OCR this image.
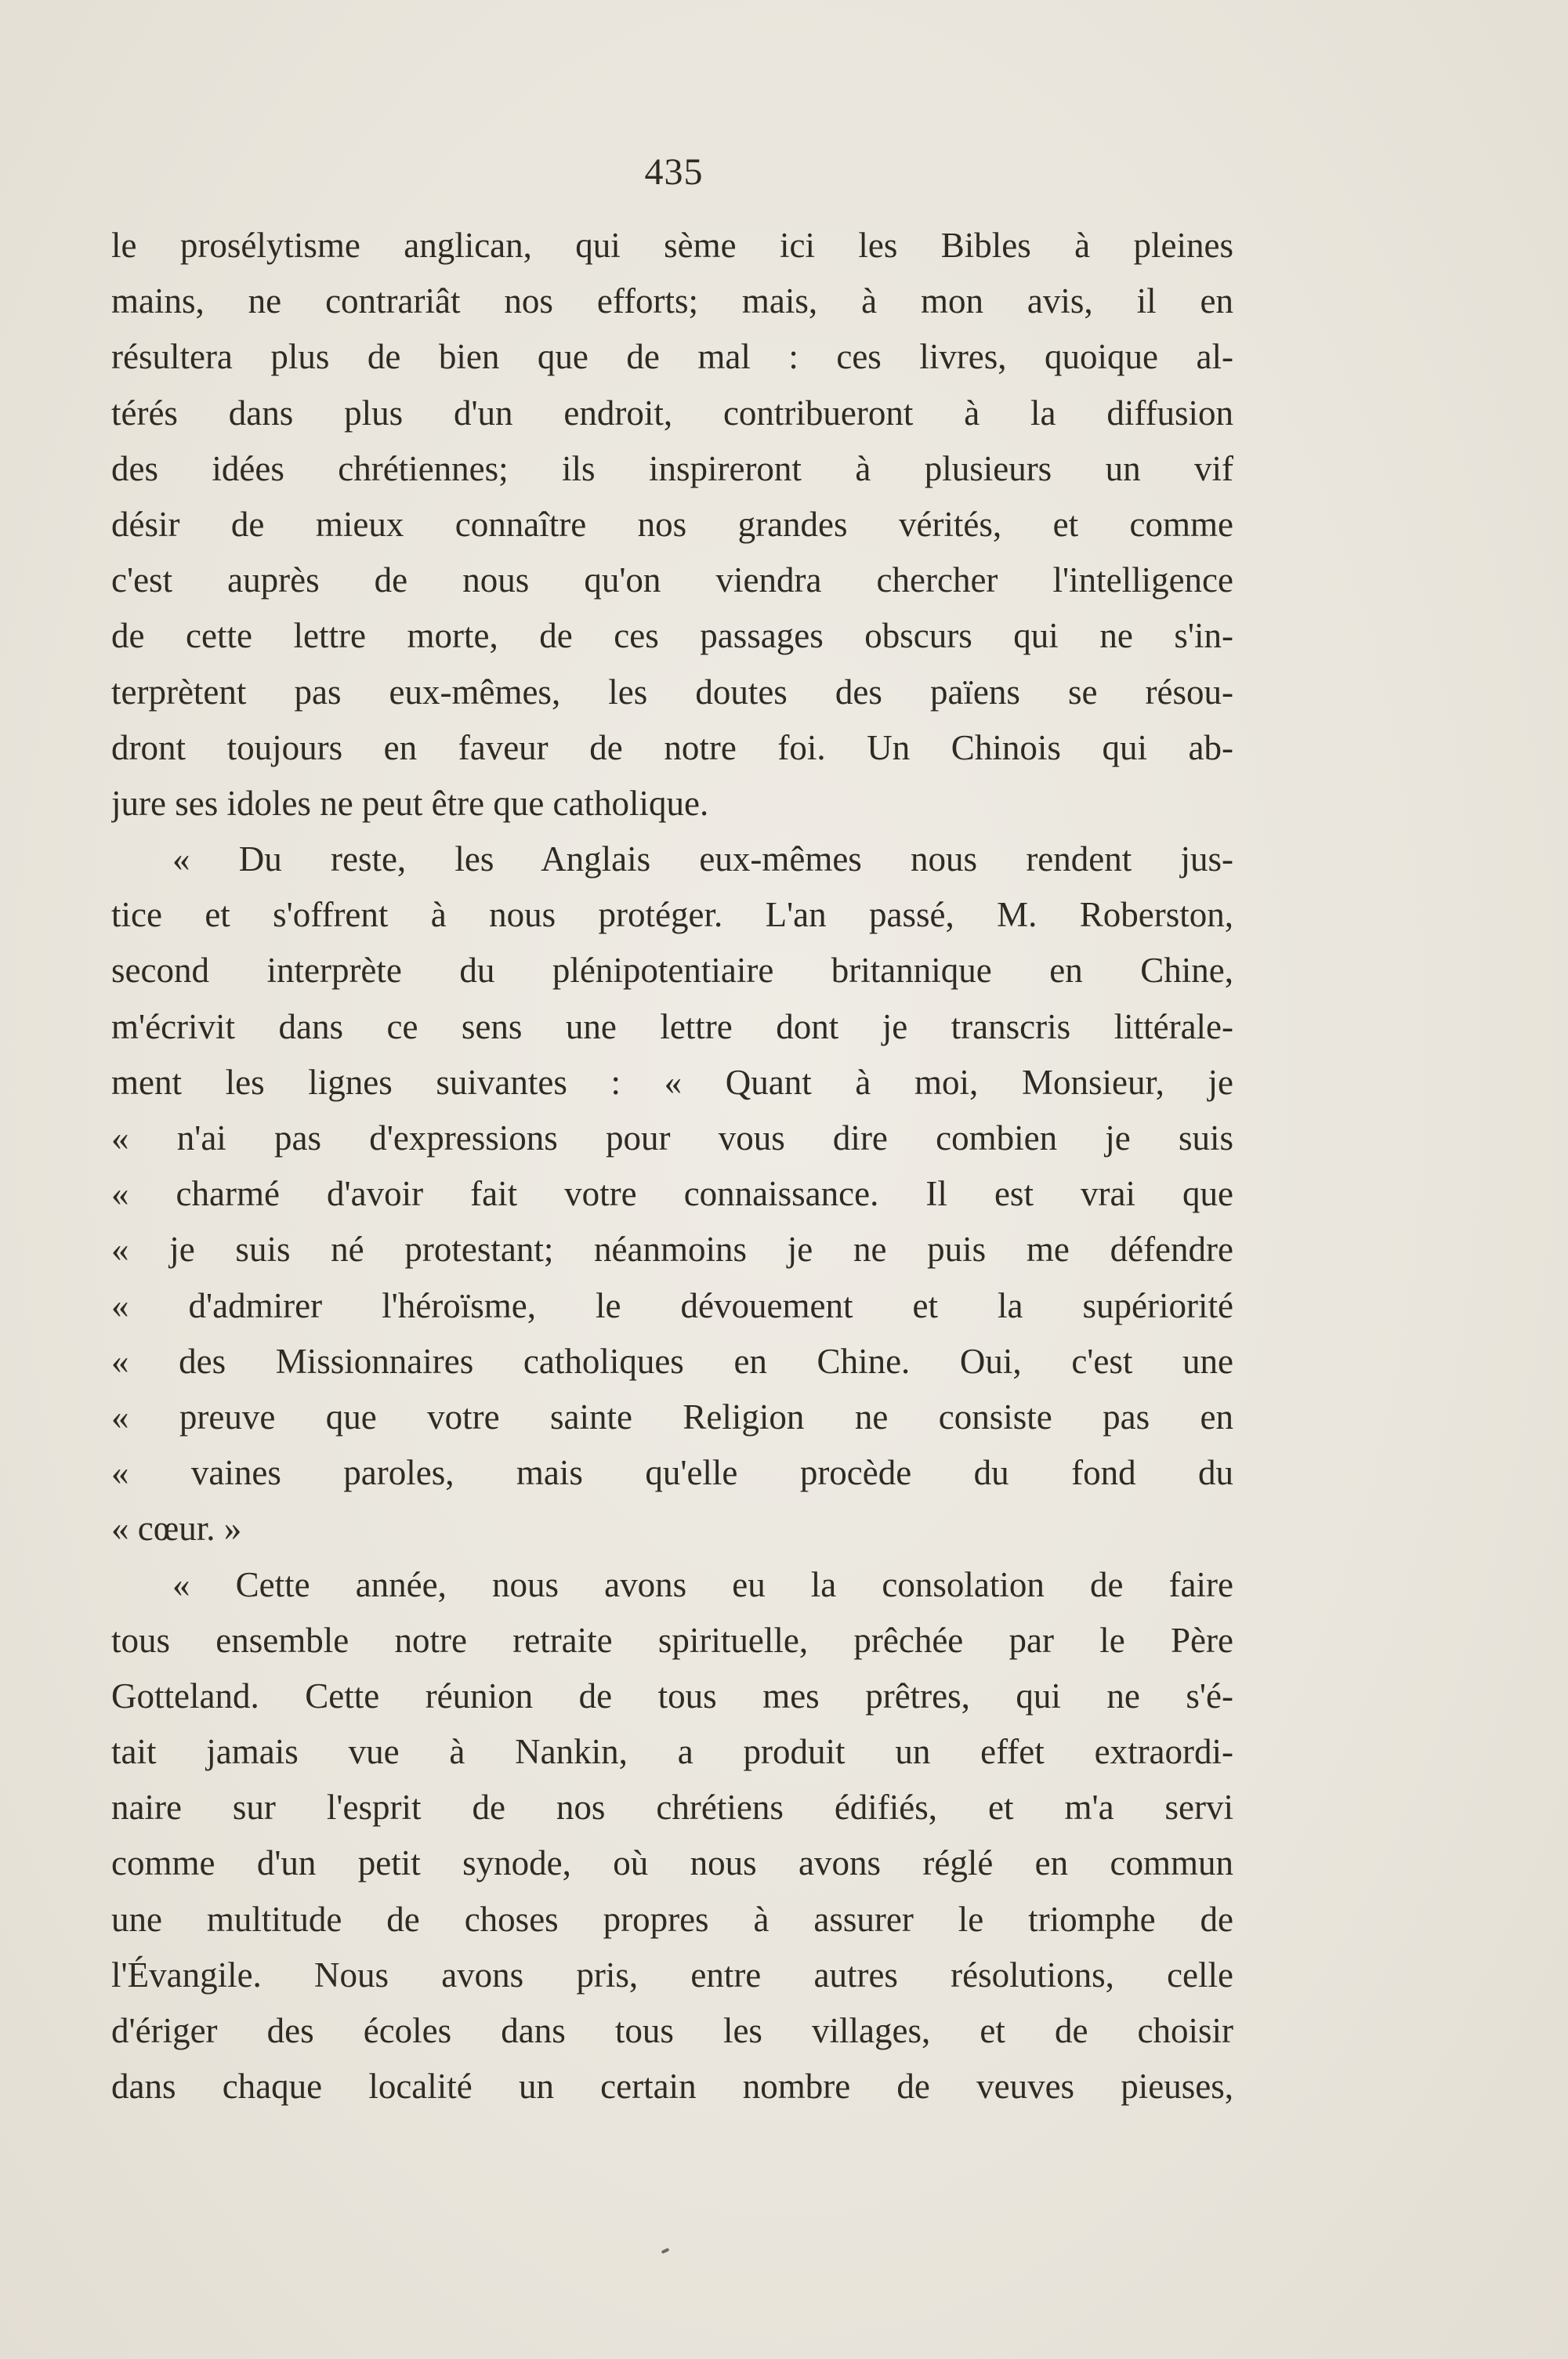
435
le prosélytisme anglican, qui sème ici les Bibles à pleines
mains, ne contrariât nos efforts; mais, à mon avis, il en
résultera plus de bien que de mal : ces livres, quoique al-
térés dans plus d'un endroit, contribueront à la diffusion
des idées chrétiennes; ils inspireront à plusieurs un vif
désir de mieux connaître nos grandes vérités, et comme
c'est auprès de nous qu'on viendra chercher l'intelligence
de cette lettre morte, de ces passages obscurs qui ne s'in-
terprètent pas eux-mêmes, les doutes des païens se résou-
dront toujours en faveur de notre foi. Un Chinois qui ab-
jure ses idoles ne peut être que catholique.
« Du reste, les Anglais eux-mêmes nous rendent jus-
tice et s'offrent à nous protéger. L'an passé, M. Roberston,
second interprète du plénipotentiaire britannique en Chine,
m'écrivit dans ce sens une lettre dont je transcris littérale-
ment les lignes suivantes : « Quant à moi, Monsieur, je
« n'ai pas d'expressions pour vous dire combien je suis
« charmé d'avoir fait votre connaissance. Il est vrai que
« je suis né protestant; néanmoins je ne puis me défendre
« d'admirer l'héroïsme, le dévouement et la supériorité
« des Missionnaires catholiques en Chine. Oui, c'est une
« preuve que votre sainte Religion ne consiste pas en
« vaines paroles, mais qu'elle procède du fond du
« cœur. »
« Cette année, nous avons eu la consolation de faire
tous ensemble notre retraite spirituelle, prêchée par le Père
Gotteland. Cette réunion de tous mes prêtres, qui ne s'é-
tait jamais vue à Nankin, a produit un effet extraordi-
naire sur l'esprit de nos chrétiens édifiés, et m'a servi
comme d'un petit synode, où nous avons réglé en commun
une multitude de choses propres à assurer le triomphe de
l'Évangile. Nous avons pris, entre autres résolutions, celle
d'ériger des écoles dans tous les villages, et de choisir
dans chaque localité un certain nombre de veuves pieuses,
